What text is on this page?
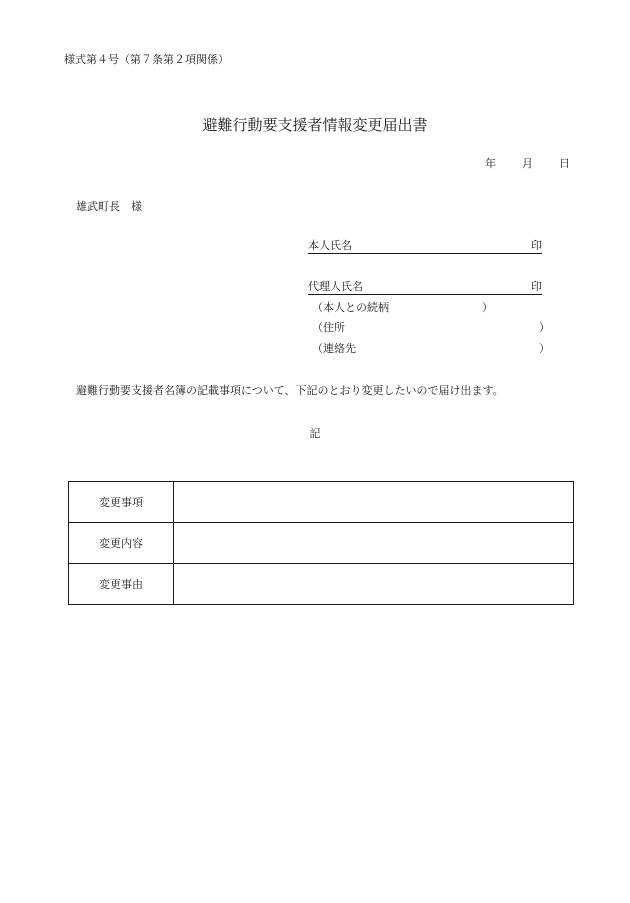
様式第４号（第７条第２項関係）
避難行動要支援者情報変更届出書
年 月 日
雄武町長　様
本人氏名	印
代理人氏名	印
（本人との続柄	）
（住所	）
（連絡先	）
避難行動要支援者名簿の記載事項について、下記のとおり変更したいので届け出ます。
記
変更事項	
変更内容	
変更事由	
